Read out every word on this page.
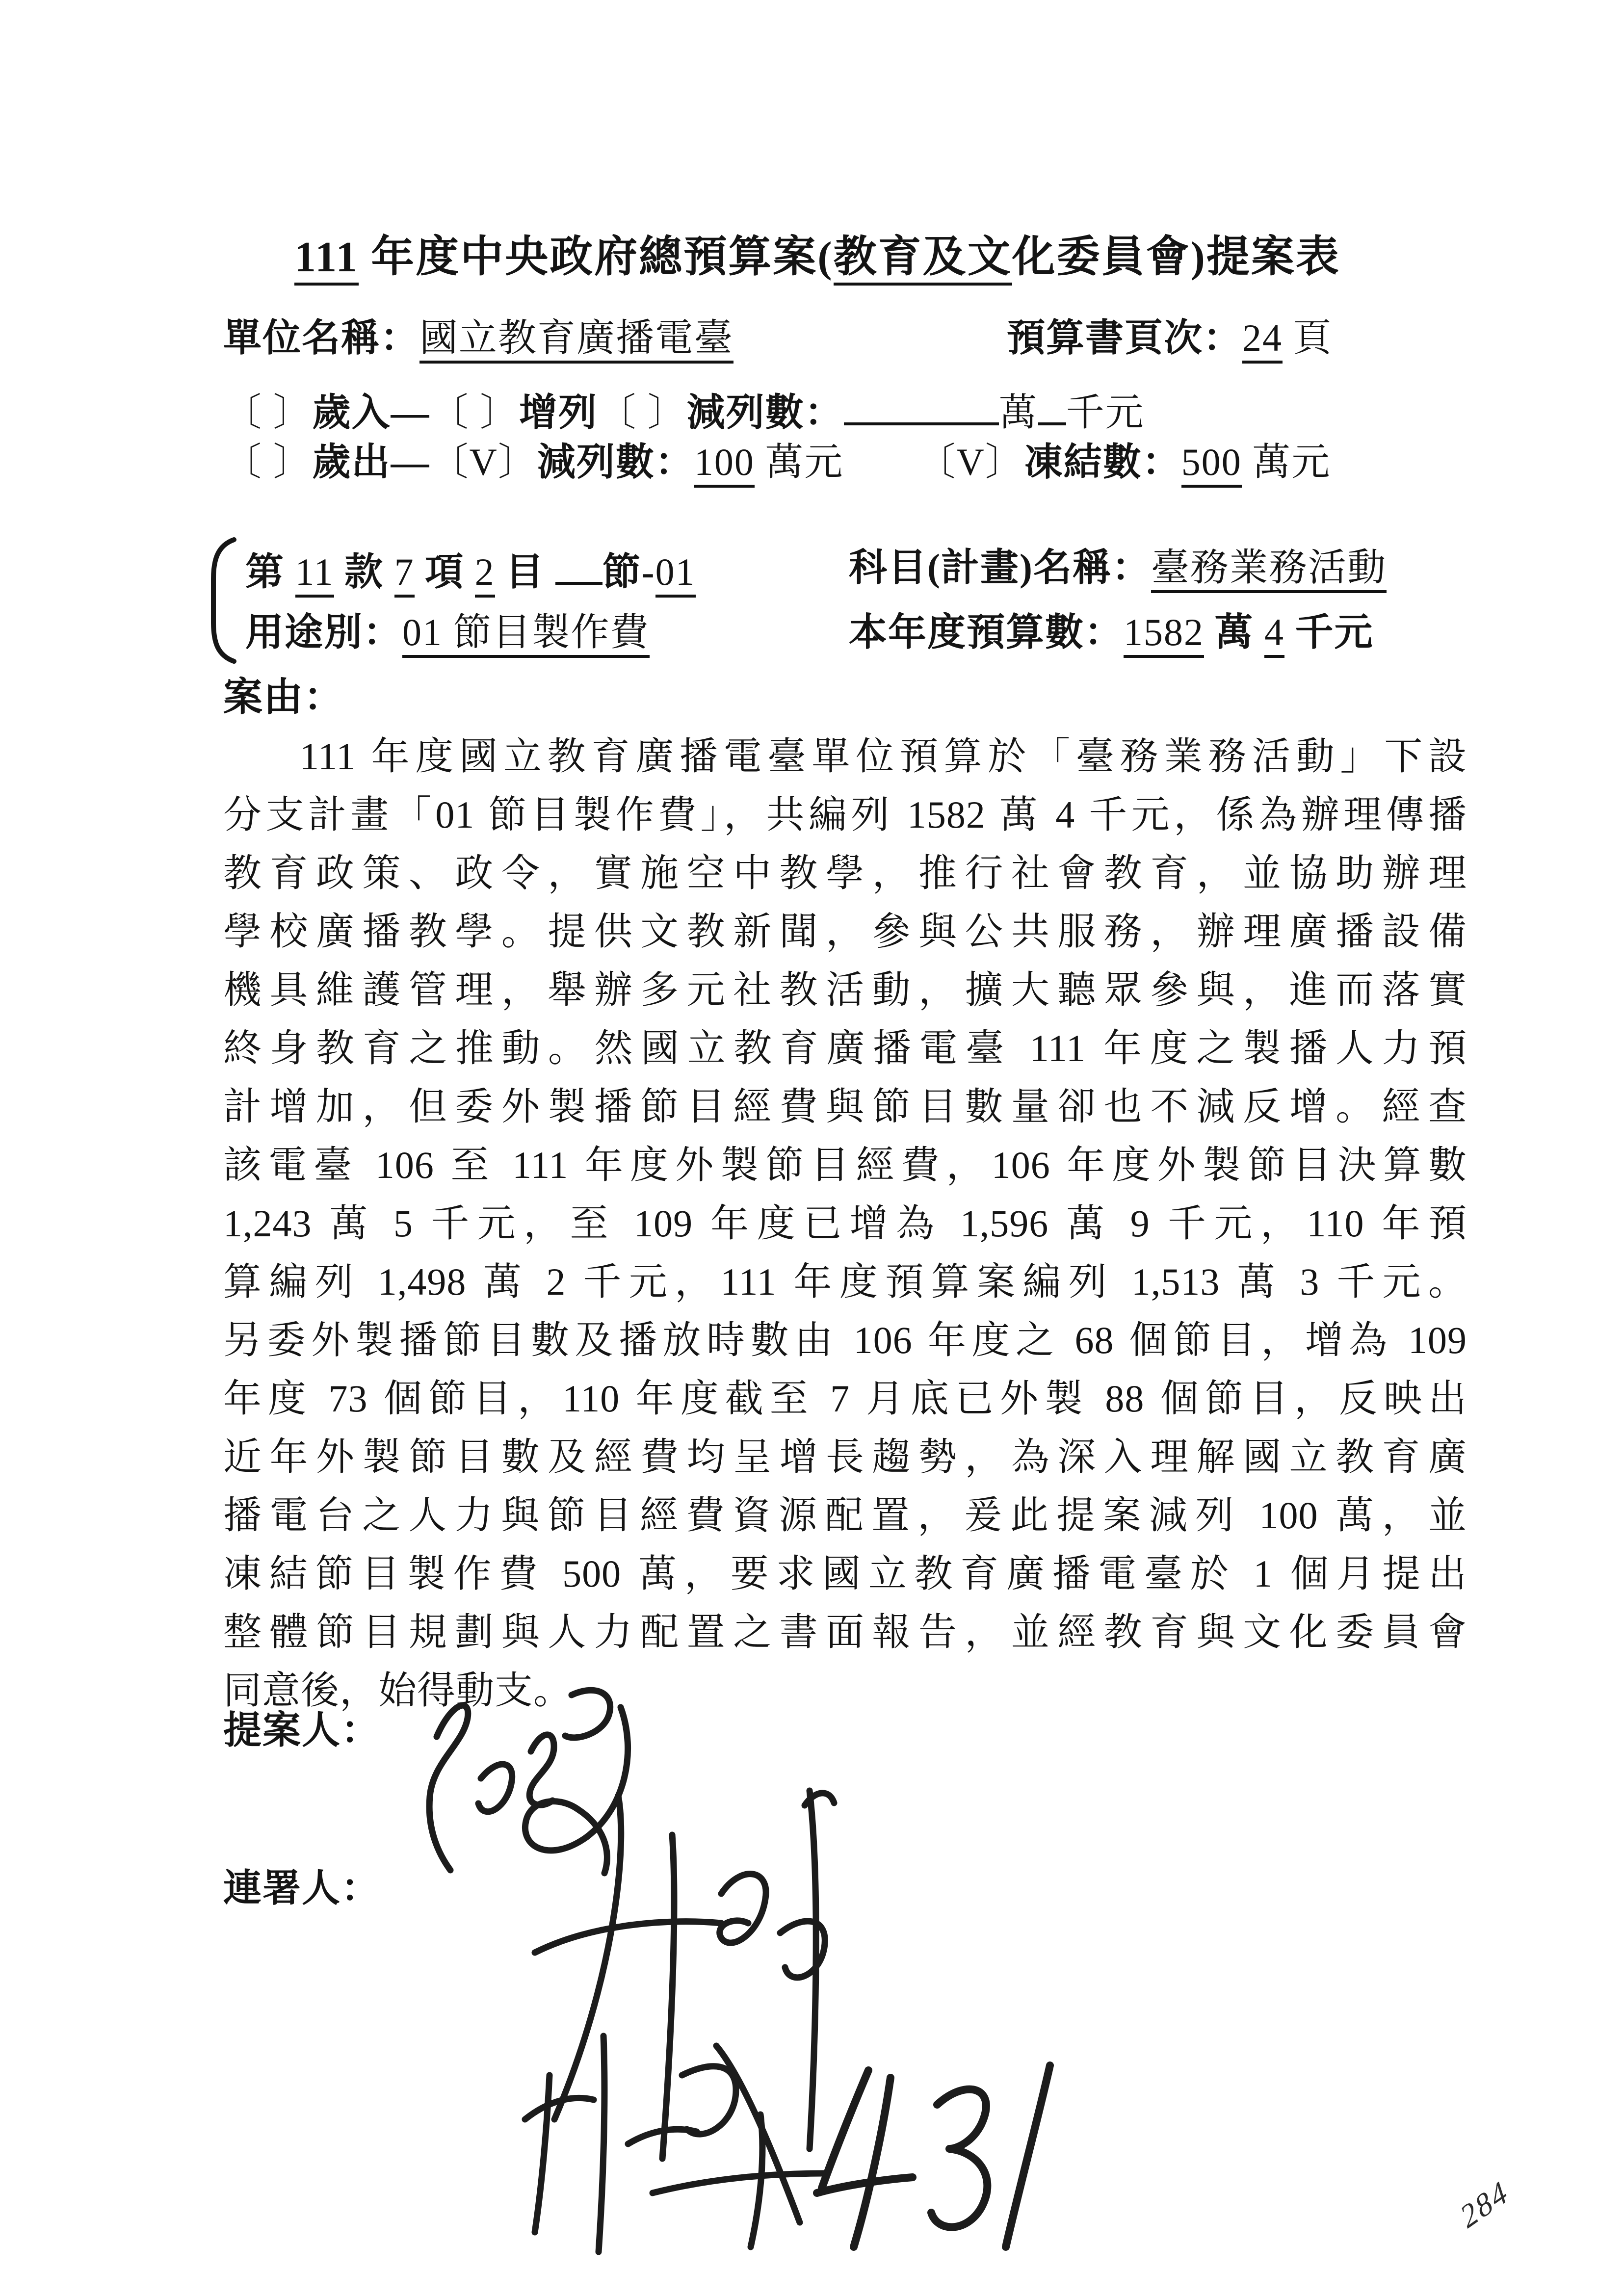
111 年度中央政府總預算案(教育及文化委員會)提案表
單位名稱：國立教育廣播電臺	預算書頁次：24 頁
〔 〕歲入—〔 〕增列〔 〕減列數：	萬 千元
〔 〕歲出—〔V〕減列數：100 萬元 〔V〕凍結數：500 萬元
第 11 款 7 項 2 目 節-01	科目(計畫)名稱：臺務業務活動
用途別：01 節目製作費	本年度預算數：1582 萬 4 千元
案由：
111 年度國立教育廣播電臺單位預算於「臺務業務活動」下設
分支計畫「01 節目製作費」，共編列 1582 萬 4 千元，係為辦理傳播
教育政策、政令，實施空中教學，推行社會教育，並協助辦理
學校廣播教學。提供文教新聞，參與公共服務，辦理廣播設備
機具維護管理，舉辦多元社教活動，擴大聽眾參與，進而落實
終身教育之推動。然國立教育廣播電臺 111 年度之製播人力預
計增加，但委外製播節目經費與節目數量卻也不減反增。經查
該電臺 106 至 111 年度外製節目經費，106 年度外製節目決算數
1,243 萬 5 千元，至 109 年度已增為 1,596 萬 9 千元，110 年預
算編列 1,498 萬 2 千元，111 年度預算案編列 1,513 萬 3 千元。
另委外製播節目數及播放時數由 106 年度之 68 個節目，增為 109
年度 73 個節目，110 年度截至 7 月底已外製 88 個節目，反映出
近年外製節目數及經費均呈增長趨勢，為深入理解國立教育廣
播電台之人力與節目經費資源配置，爰此提案減列 100 萬，並
凍結節目製作費 500 萬，要求國立教育廣播電臺於 1 個月提出
整體節目規劃與人力配置之書面報告，並經教育與文化委員會
同意後，始得動支。
提案人：
連署人：
284
